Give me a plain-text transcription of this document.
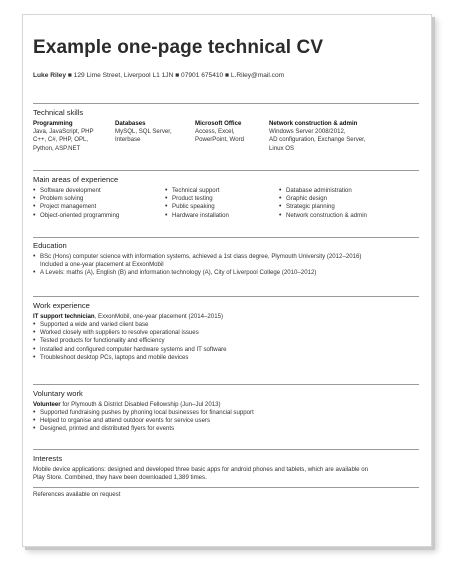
Example one-page technical CV
Luke Riley ■ 129 Lime Street, Liverpool L1 1JN ■ 07901 675410 ■ L.Riley@mail.com
Technical skills
Programming
Java, JavaScript, PHP
C++, C#, PHP, OPL,
Python, ASP.NET
Databases
MySQL, SQL Server,
Interbase
Microsoft Office
Access, Excel,
PowerPoint, Word
Network construction & admin
Windows Server 2008/2012,
AD configuration, Exchange Server,
Linux OS
Main areas of experience
• Software development
• Problem solving
• Project management
• Object-oriented programming
• Technical support
• Product testing
• Public speaking
• Hardware installation
• Database administration
• Graphic design
• Strategic planning
• Network construction & admin
Education
• BSc (Hons) computer science with information systems, achieved a 1st class degree, Plymouth University (2012–2016)
Included a one-year placement at ExxonMobil
• A Levels: maths (A), English (B) and information technology (A), City of Liverpool College (2010–2012)
Work experience
IT support technician, ExxonMobil, one-year placement (2014–2015)
• Supported a wide and varied client base
• Worked closely with suppliers to resolve operational issues
• Tested products for functionality and efficiency
• Installed and configured computer hardware systems and IT software
• Troubleshoot desktop PCs, laptops and mobile devices
Voluntary work
Volunteer for Plymouth & District Disabled Fellowship (Jun–Jul 2013)
• Supported fundraising pushes by phoning local businesses for financial support
• Helped to organise and attend outdoor events for service users
• Designed, printed and distributed flyers for events
Interests
Mobile device applications: designed and developed three basic apps for android phones and tablets, which are available on
Play Store. Combined, they have been downloaded 1,389 times.
References available on request
